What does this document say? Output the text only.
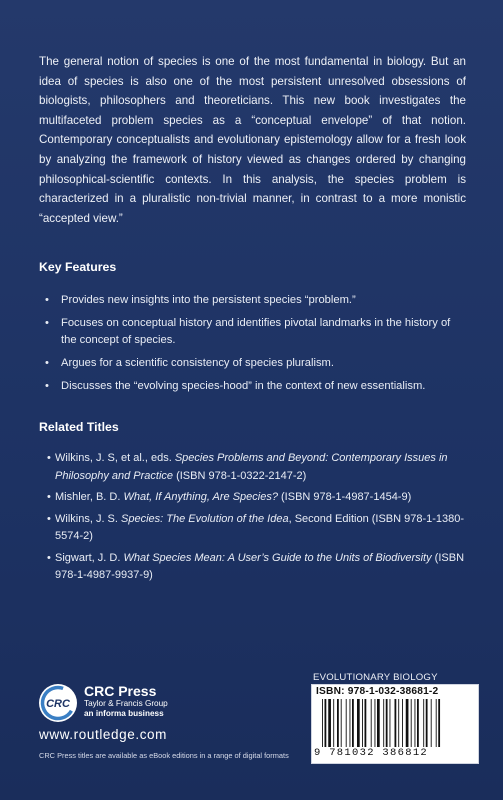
The general notion of species is one of the most fundamental in biology. But an idea of species is also one of the most persistent unresolved obsessions of biologists, philosophers and theoreticians. This new book investigates the multifaceted problem species as a “conceptual envelope” of that notion. Contemporary conceptualists and evolutionary epistemology allow for a fresh look by analyzing the framework of history viewed as changes ordered by changing philosophical-scientific contexts. In this analysis, the species problem is characterized in a pluralistic non-trivial manner, in contrast to a more monistic “accepted view.”

Key Features
• Provides new insights into the persistent species “problem.”
• Focuses on conceptual history and identifies pivotal landmarks in the history of the concept of species.
• Argues for a scientific consistency of species pluralism.
• Discusses the “evolving species-hood” in the context of new essentialism.
Related Titles
• Wilkins, J. S, et al., eds. Species Problems and Beyond: Contemporary Issues in Philosophy and Practice (ISBN 978-1-0322-2147-2)
• Mishler, B. D. What, If Anything, Are Species? (ISBN 978-1-4987-1454-9)
• Wilkins, J. S. Species: The Evolution of the Idea, Second Edition (ISBN 978-1-1380-5574-2)
• Sigwart, J. D. What Species Mean: A User’s Guide to the Units of Biodiversity (ISBN 978-1-4987-9937-9)
CRC

CRC Press

Taylor & Francis Group

an informa business

www.routledge.com
CRC Press titles are available as eBook editions in a range of digital formats
EVOLUTIONARY BIOLOGY
ISBN: 978-1-032-38681-2
9 781032 386812
